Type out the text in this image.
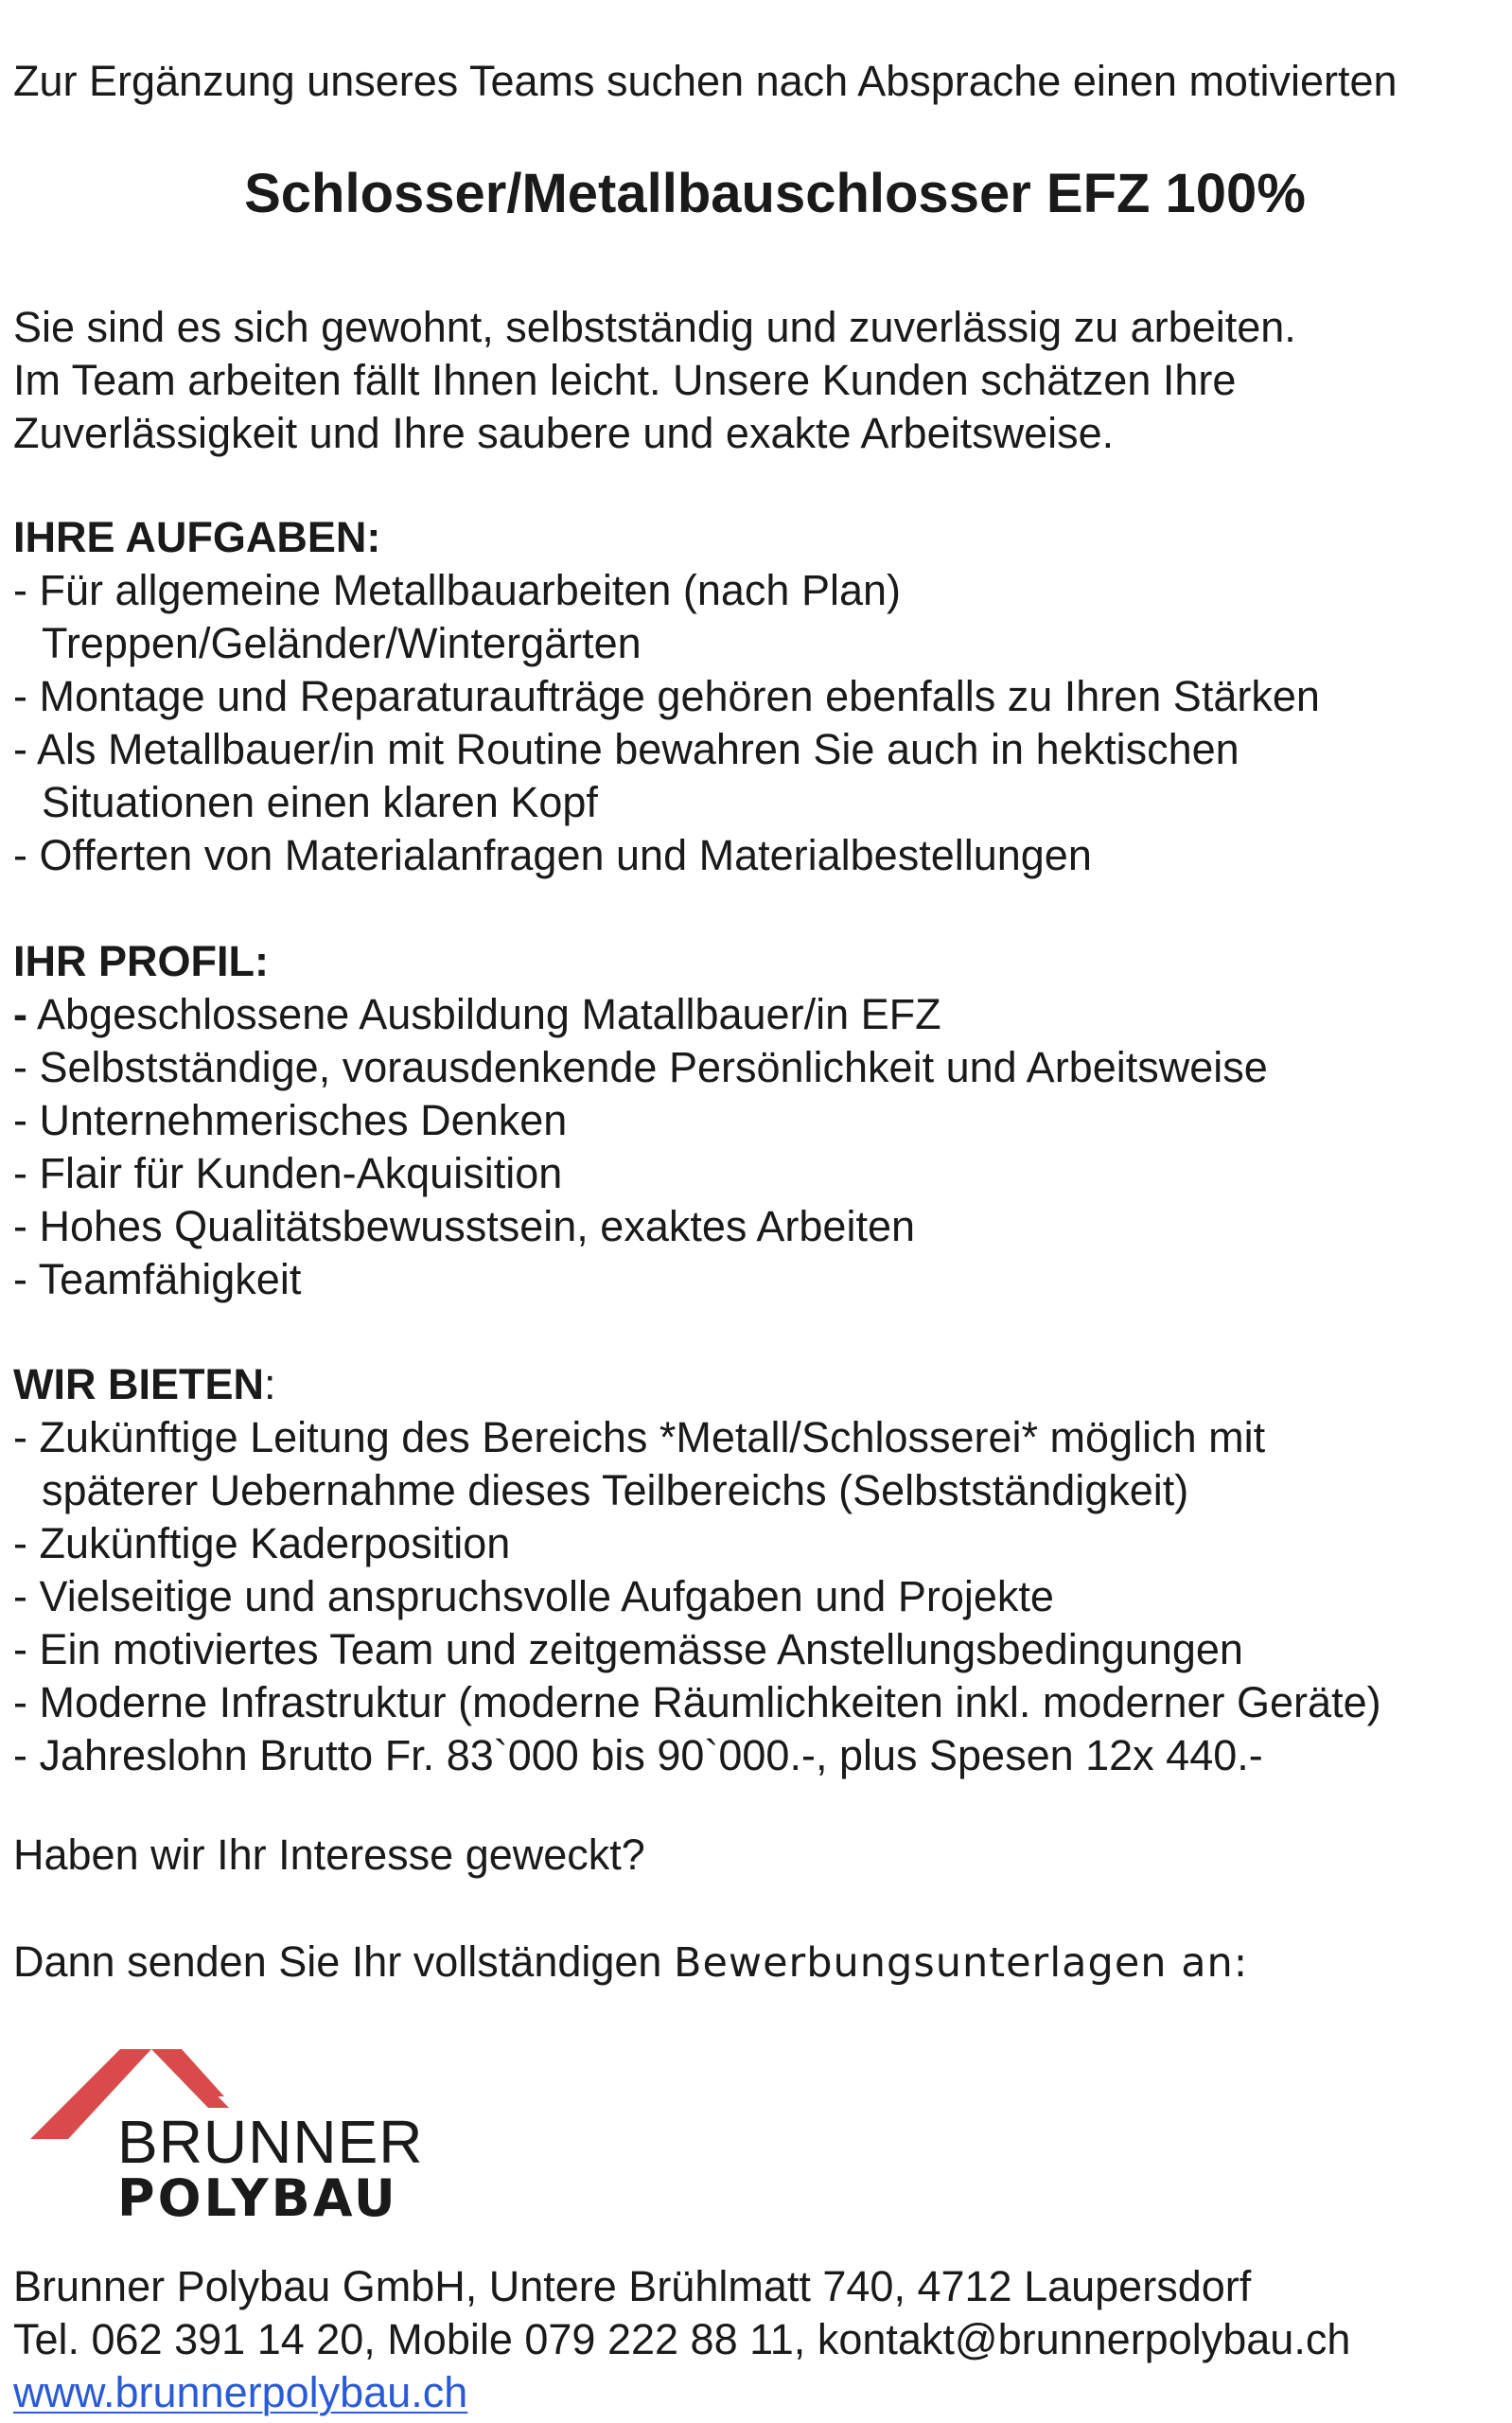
Zur Ergänzung unseres Teams suchen nach Absprache einen motivierten

Schlosser/Metallbauschlosser EFZ 100%

Sie sind es sich gewohnt, selbstständig und zuverlässig zu arbeiten.

Im Team arbeiten fällt Ihnen leicht. Unsere Kunden schätzen Ihre

Zuverlässigkeit und Ihre saubere und exakte Arbeitsweise.

IHRE AUFGABEN:

- Für allgemeine Metallbauarbeiten (nach Plan)

Treppen/Geländer/Wintergärten

- Montage und Reparaturaufträge gehören ebenfalls zu Ihren Stärken

- Als Metallbauer/in mit Routine bewahren Sie auch in hektischen

Situationen einen klaren Kopf

- Offerten von Materialanfragen und Materialbestellungen

IHR PROFIL:

- Abgeschlossene Ausbildung Matallbauer/in EFZ

- Selbstständige, vorausdenkende Persönlichkeit und Arbeitsweise

- Unternehmerisches Denken

- Flair für Kunden-Akquisition

- Hohes Qualitätsbewusstsein, exaktes Arbeiten

- Teamfähigkeit

WIR BIETEN:

- Zukünftige Leitung des Bereichs *Metall/Schlosserei* möglich mit

späterer Uebernahme dieses Teilbereichs (Selbstständigkeit)

- Zukünftige Kaderposition

- Vielseitige und anspruchsvolle Aufgaben und Projekte

- Ein motiviertes Team und zeitgemässe Anstellungsbedingungen

- Moderne Infrastruktur (moderne Räumlichkeiten inkl. moderner Geräte)

- Jahreslohn Brutto Fr. 83`000 bis 90`000.-, plus Spesen 12x 440.-

Haben wir Ihr Interesse geweckt?

Dann senden Sie Ihr vollständigen Bewerbungsunterlagen an:

BRUNNER
POLYBAU

Brunner Polybau GmbH, Untere Brühlmatt 740, 4712 Laupersdorf

Tel. 062 391 14 20, Mobile 079 222 88 11, kontakt@brunnerpolybau.ch

www.brunnerpolybau.ch
